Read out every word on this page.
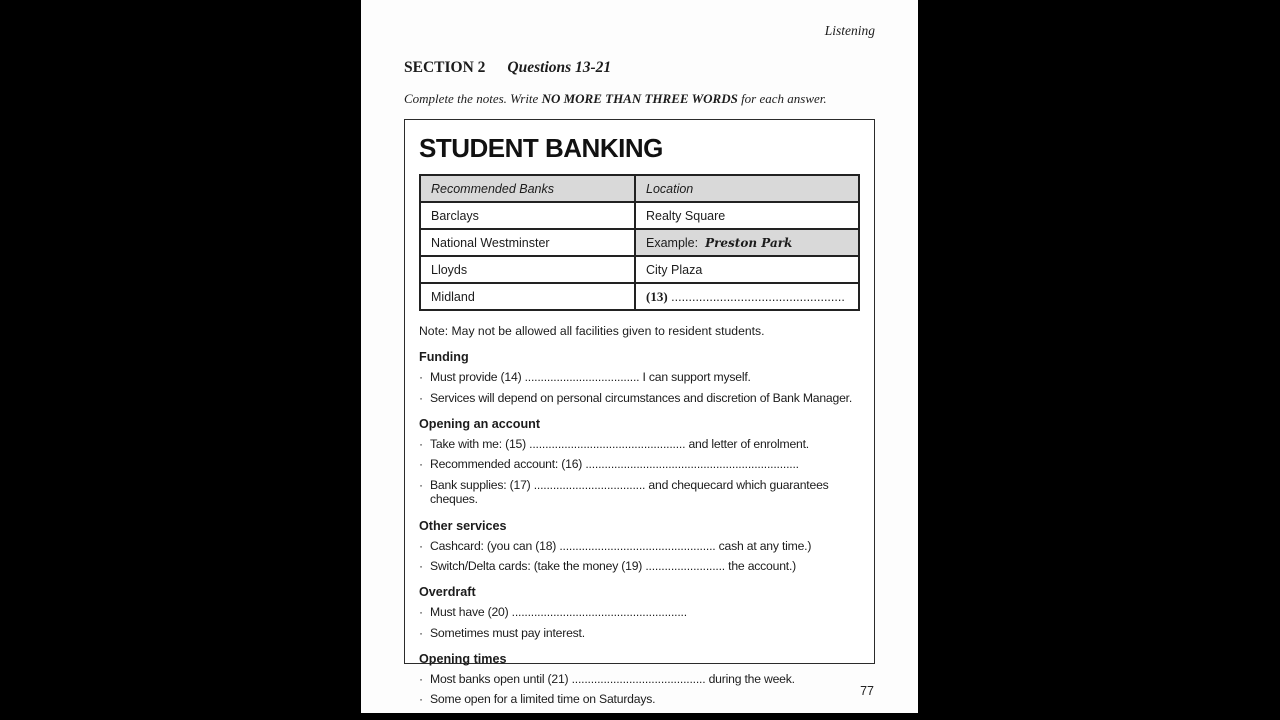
Listening
SECTION 2 Questions 13-21

Complete the notes. Write NO MORE THAN THREE WORDS for each answer.

STUDENT BANKING
Recommended Banks	Location
Barclays	Realty Square
National Westminster	Example: Preston Park
Lloyds	City Plaza
Midland	(13) ..................................................

Note: May not be allowed all facilities given to resident students.

Funding
· Must provide (14) .................................... I can support myself.
· Services will depend on personal circumstances and discretion of Bank Manager.
Opening an account
· Take with me: (15) ................................................. and letter of enrolment.
· Recommended account: (16) ...................................................................
· Bank supplies: (17) ................................... and chequecard which guarantees cheques.
Other services
· Cashcard: (you can (18) ................................................. cash at any time.)
· Switch/Delta cards: (take the money (19) ......................... the account.)
Overdraft
· Must have (20) .......................................................
· Sometimes must pay interest.
Opening times
· Most banks open until (21) .......................................... during the week.
· Some open for a limited time on Saturdays.
77
